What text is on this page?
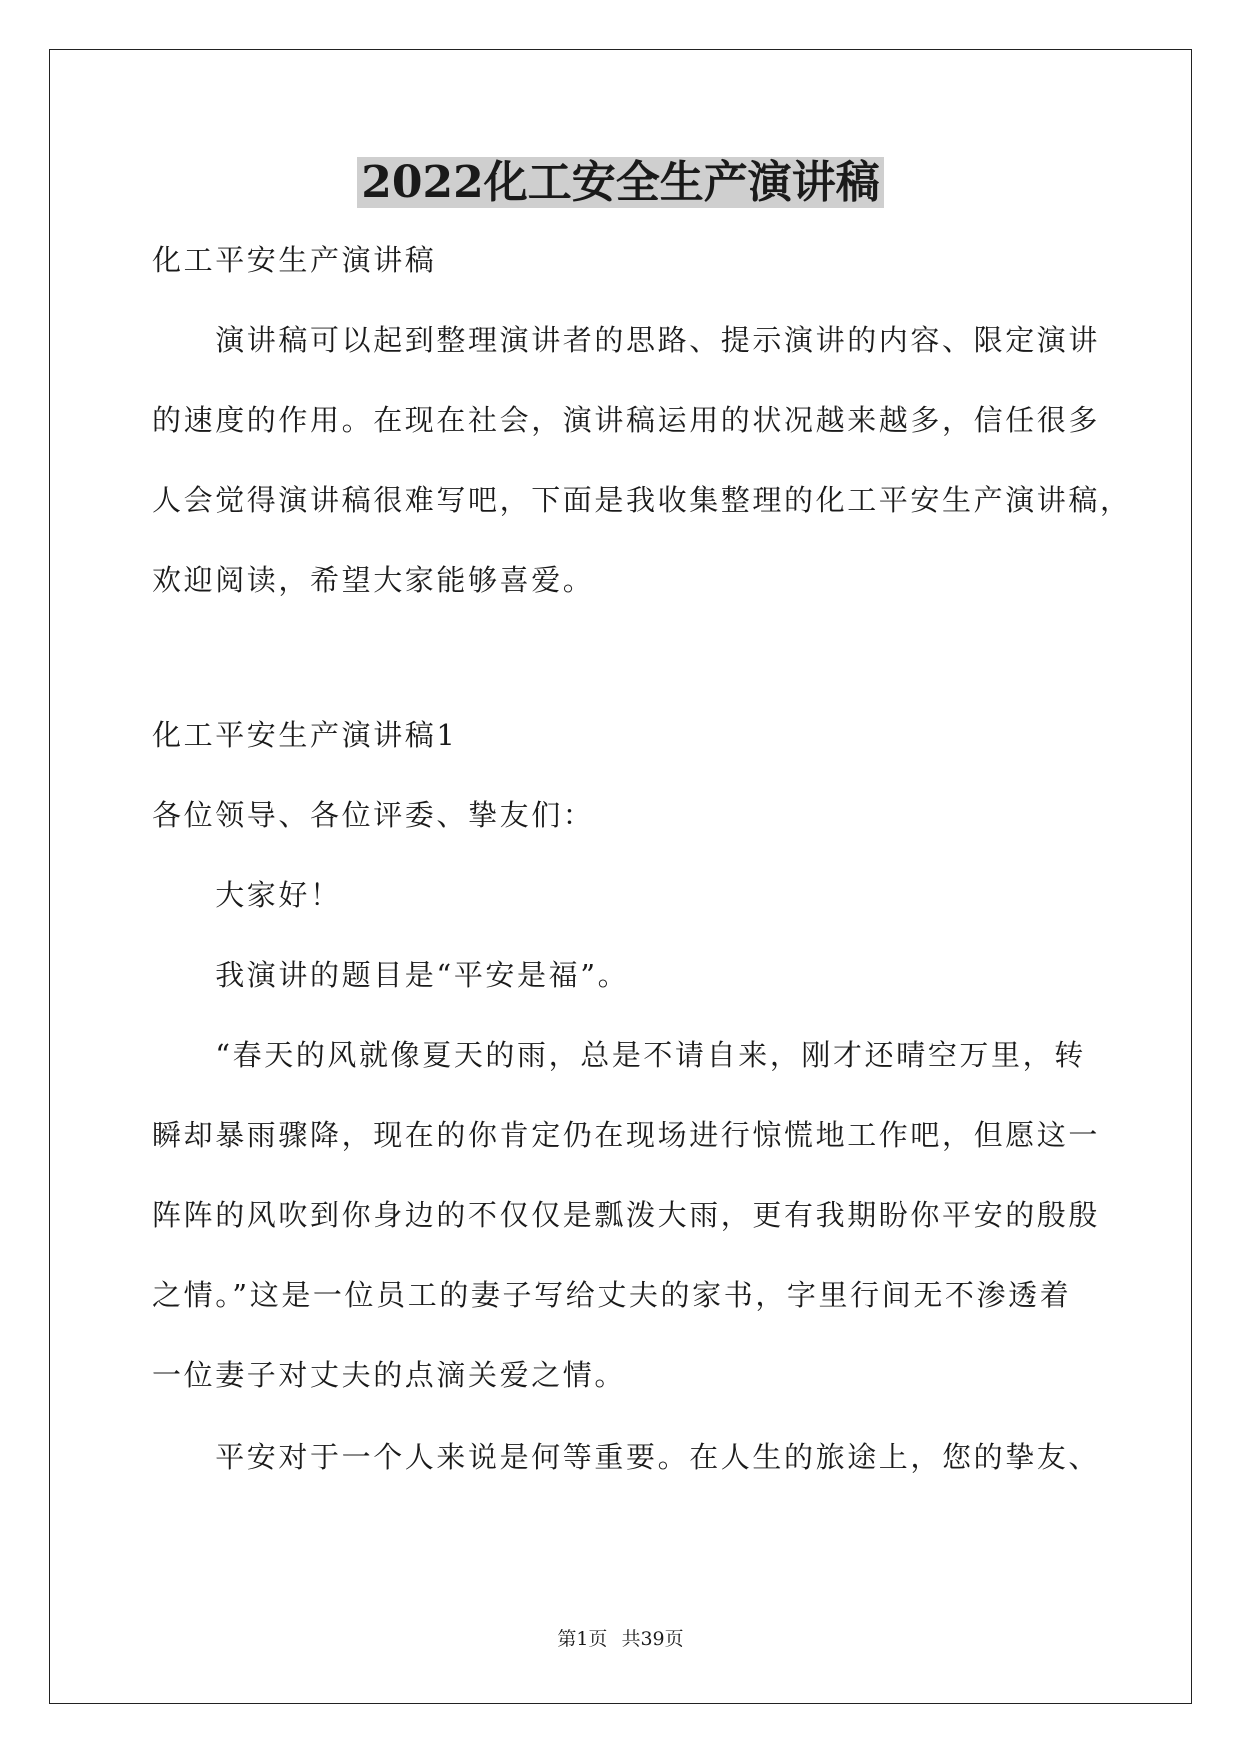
2022化工安全生产演讲稿
化工平安生产演讲稿
　　演讲稿可以起到整理演讲者的思路、提示演讲的内容、限定演讲
的速度的作用。在现在社会，演讲稿运用的状况越来越多，信任很多
人会觉得演讲稿很难写吧，下面是我收集整理的化工平安生产演讲稿，
欢迎阅读，希望大家能够喜爱。
化工平安生产演讲稿1
各位领导、各位评委、挚友们：
　　大家好！
　　我演讲的题目是“平安是福”。
　　“春天的风就像夏天的雨，总是不请自来，刚才还晴空万里，转
瞬却暴雨骤降，现在的你肯定仍在现场进行惊慌地工作吧，但愿这一
阵阵的风吹到你身边的不仅仅是瓢泼大雨，更有我期盼你平安的殷殷
之情。”这是一位员工的妻子写给丈夫的家书，字里行间无不渗透着
一位妻子对丈夫的点滴关爱之情。
　　平安对于一个人来说是何等重要。在人生的旅途上，您的挚友、
第1页 共39页
